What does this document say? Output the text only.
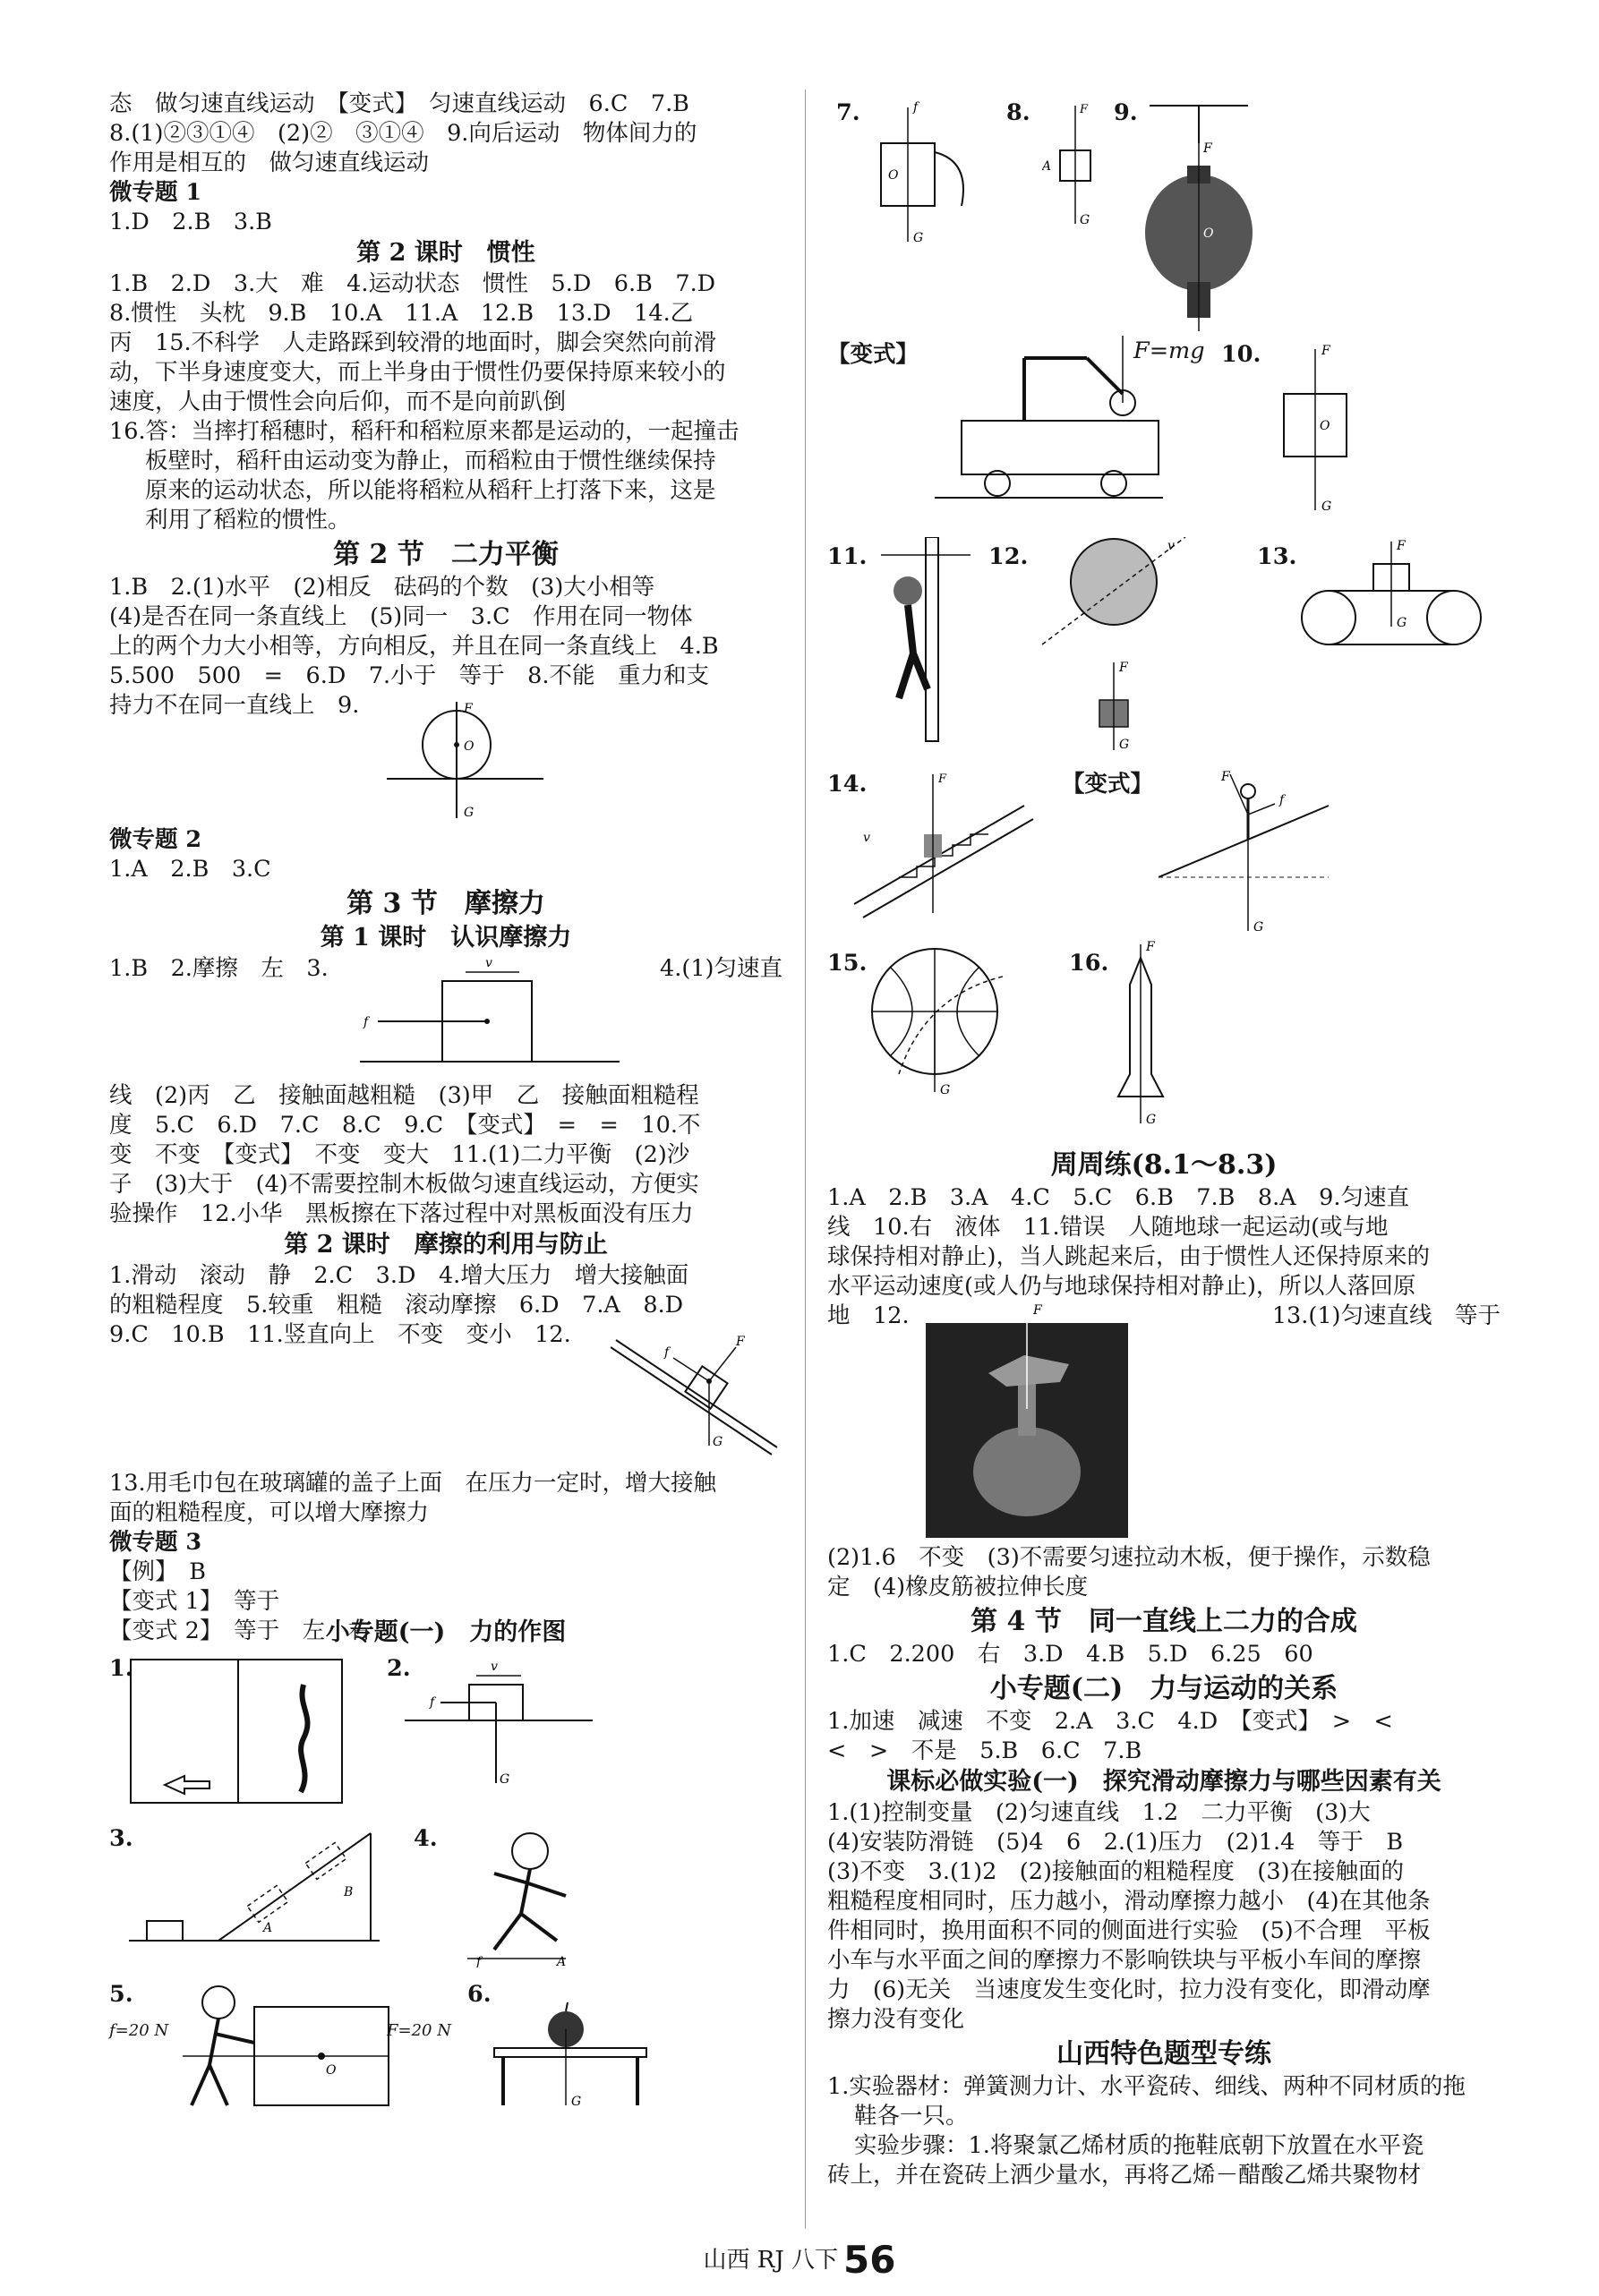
态　做匀速直线运动　【变式】　匀速直线运动　6.C　7.B

8.(1)②③①④　(2)②　③①④　9.向后运动　物体间力的

作用是相互的　做匀速直线运动

微专题 1

1.D　2.B　3.B

第 2 课时　惯性

1.B　2.D　3.大　难　4.运动状态　惯性　5.D　6.B　7.D

8.惯性　头枕　9.B　10.A　11.A　12.B　13.D　14.乙

丙　15.不科学　人走路踩到较滑的地面时，脚会突然向前滑

动，下半身速度变大，而上半身由于惯性仍要保持原来较小的

速度，人由于惯性会向后仰，而不是向前趴倒

16.答：当摔打稻穗时，稻秆和稻粒原来都是运动的，一起撞击

板壁时，稻秆由运动变为静止，而稻粒由于惯性继续保持

原来的运动状态，所以能将稻粒从稻秆上打落下来，这是

利用了稻粒的惯性。

第 2 节　二力平衡

1.B　2.(1)水平　(2)相反　砝码的个数　(3)大小相等

(4)是否在同一条直线上　(5)同一　3.C　作用在同一物体

上的两个力大小相等，方向相反，并且在同一条直线上　4.B

5.500　500　=　6.D　7.小于　等于　8.不能　重力和支

持力不在同一直线上　9.	F
O
G

微专题 2

1.A　2.B　3.C

第 3 节　摩擦力

第 1 课时　认识摩擦力

1.B　2.摩擦　左　3.	4.(1)匀速直
v
f

线　(2)丙　乙　接触面越粗糙　(3)甲　乙　接触面粗糙程

度　5.C　6.D　7.C　8.C　9.C　【变式】　=　=　10.不

变　不变　【变式】　不变　变大　11.(1)二力平衡　(2)沙

子　(3)大于　(4)不需要控制木板做匀速直线运动，方便实

验操作　12.小华　黑板擦在下落过程中对黑板面没有压力

第 2 课时　摩擦的利用与防止

1.滑动　滚动　静　2.C　3.D　4.增大压力　增大接触面

的粗糙程度　5.较重　粗糙　滚动摩擦　6.D　7.A　8.D

9.C　10.B　11.竖直向上　不变　变小　12.	F
G
f

13.用毛巾包在玻璃罐的盖子上面　在压力一定时，增大接触

面的粗糙程度，可以增大摩擦力

微专题 3

【例】　B

【变式 1】　等于

【变式 2】　等于　左　右

小专题(一)　力的作图

1.	2.	v
f
G
3.
A
B
4.
f	A
5.
O
f=20 N	F=20 N
6.
G
7.	f
O
G
8.
A
F
G
9.
F
O
【变式】	F=mg 10.	F
O
G
11.	12.
F
G
v	13.	F
G
14.	F
v
【变式】	F
f
G
15.
G
16.
F
G

周周练(8.1～8.3)

1.A　2.B　3.A　4.C　5.C　6.B　7.B　8.A　9.匀速直

线　10.右　液体　11.错误　人随地球一起运动(或与地

球保持相对静止)，当人跳起来后，由于惯性人还保持原来的

水平运动速度(或人仍与地球保持相对静止)，所以人落回原

地　12.	13.(1)匀速直线　等于
F

(2)1.6　不变　(3)不需要匀速拉动木板，便于操作，示数稳

定　(4)橡皮筋被拉伸长度

第 4 节　同一直线上二力的合成

1.C　2.200　右　3.D　4.B　5.D　6.25　60

小专题(二)　力与运动的关系

1.加速　减速　不变　2.A　3.C　4.D　【变式】　>　<

<　>　不是　5.B　6.C　7.B

课标必做实验(一)　探究滑动摩擦力与哪些因素有关

1.(1)控制变量　(2)匀速直线　1.2　二力平衡　(3)大

(4)安装防滑链　(5)4　6　2.(1)压力　(2)1.4　等于　B

(3)不变　3.(1)2　(2)接触面的粗糙程度　(3)在接触面的

粗糙程度相同时，压力越小，滑动摩擦力越小　(4)在其他条

件相同时，换用面积不同的侧面进行实验　(5)不合理　平板

小车与水平面之间的摩擦力不影响铁块与平板小车间的摩擦

力　(6)无关　当速度发生变化时，拉力没有变化，即滑动摩

擦力没有变化

山西特色题型专练

1.实验器材：弹簧测力计、水平瓷砖、细线、两种不同材质的拖

鞋各一只。

实验步骤：1.将聚氯乙烯材质的拖鞋底朝下放置在水平瓷

砖上，并在瓷砖上洒少量水，再将乙烯－醋酸乙烯共聚物材

山西 RJ 八下 56
